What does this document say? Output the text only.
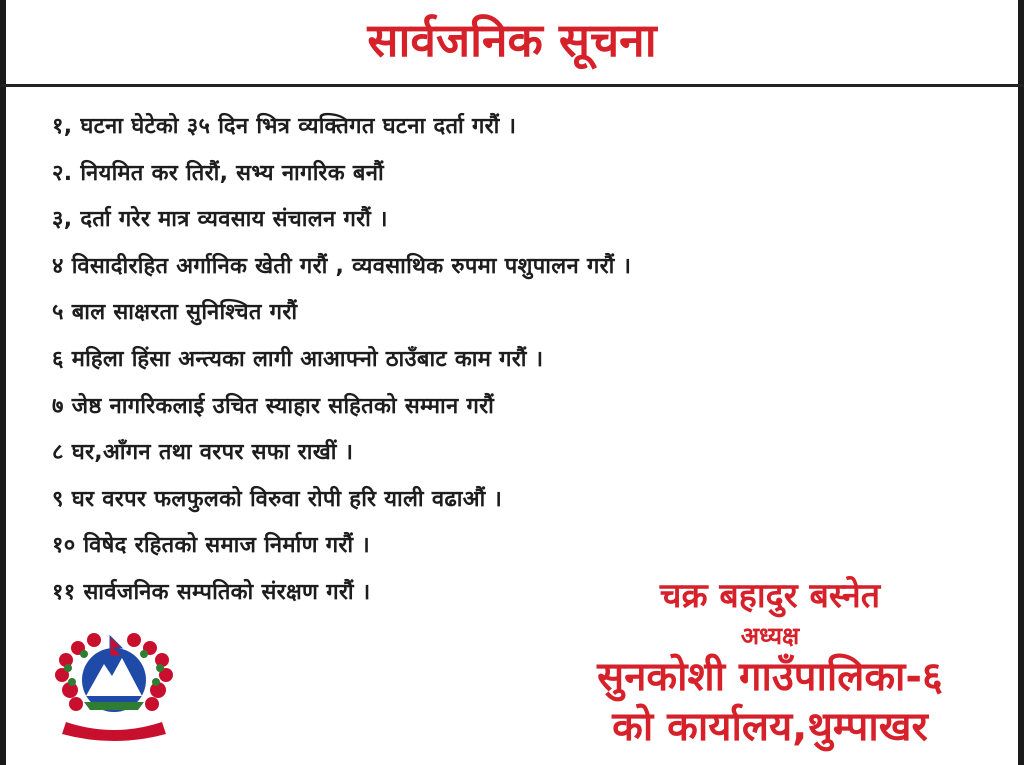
सार्वजनिक सूचना
१, घटना घेटेको ३५ दिन भित्र व्यक्तिगत घटना दर्ता गरौं ।
२. नियमित कर तिरौं, सभ्य नागरिक बनौं
३, दर्ता गरेर मात्र व्यवसाय संचालन गरौं ।
४ विसादीरहित अर्गानिक खेती गरौं , व्यवसाथिक रुपमा पशुपालन गरौं ।
५ बाल साक्षरता सुनिश्चित गरौं
६ महिला हिंसा अन्त्यका लागी आआफ्नो ठाउँबाट काम गरौं ।
७ जेष्ठ नागरिकलाई उचित स्याहार सहितको सम्मान गरौं
८ घर,आँगन तथा वरपर सफा राखीं ।
९ घर वरपर फलफुलको विरुवा रोपी हरि याली वढाऔं ।
१० विषेद रहितको समाज निर्माण गरौं ।
११ सार्वजनिक सम्पतिको संरक्षण गरौं ।	चक्र बहादुर बस्नेत
अध्यक्ष
सुनकोशी गाउँपालिका-६
को कार्यालय,थुम्पाखर
